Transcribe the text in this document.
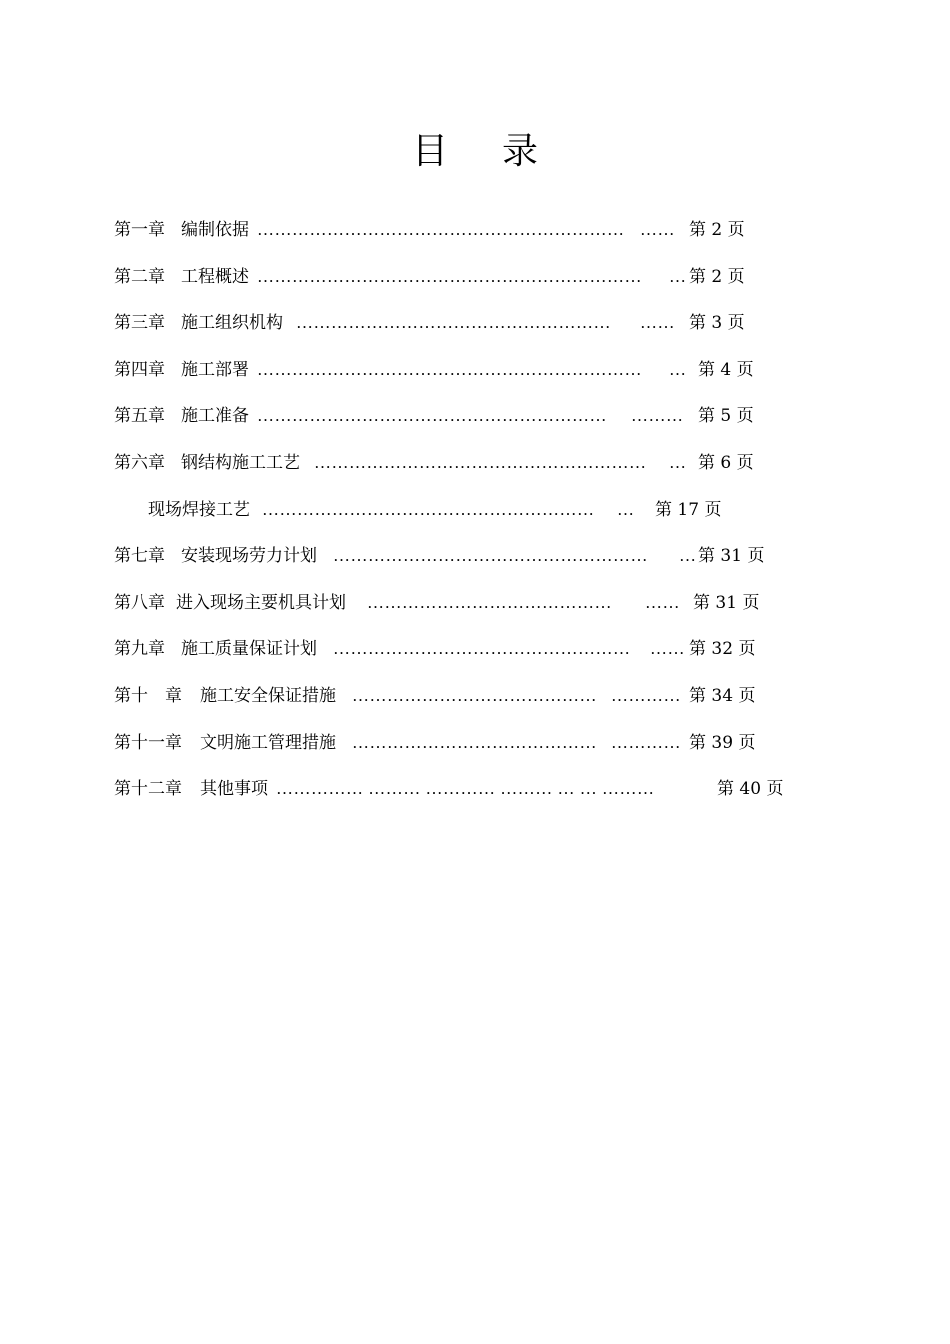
目 录
第一章 编制依据 ……………………………………………………… …… 第 2 页
第二章 工程概述 ………………………………………………………… … 第 2 页
第三章 施工组织机构 ……………………………………………… …… 第 3 页
第四章 施工部署 ………………………………………………………… … 第 4 页
第五章 施工准备 …………………………………………………… ……… 第 5 页
第六章 钢结构施工工艺 ………………………………………………… … 第 6 页
现场焊接工艺 ………………………………………………… … 第 17 页
第七章 安装现场劳力计划 ……………………………………………… … 第 31 页
第八章 进入现场主要机具计划 …………………………………… …… 第 31 页
第九章 施工质量保证计划 …………………………………………… …… 第 32 页
第十　章 施工安全保证措施 …………………………………… ………… 第 34 页
第十一章 文明施工管理措施 …………………………………… ………… 第 39 页
第十二章 其他事项 …………… ……… ………… ……… … … ………	第 40 页
